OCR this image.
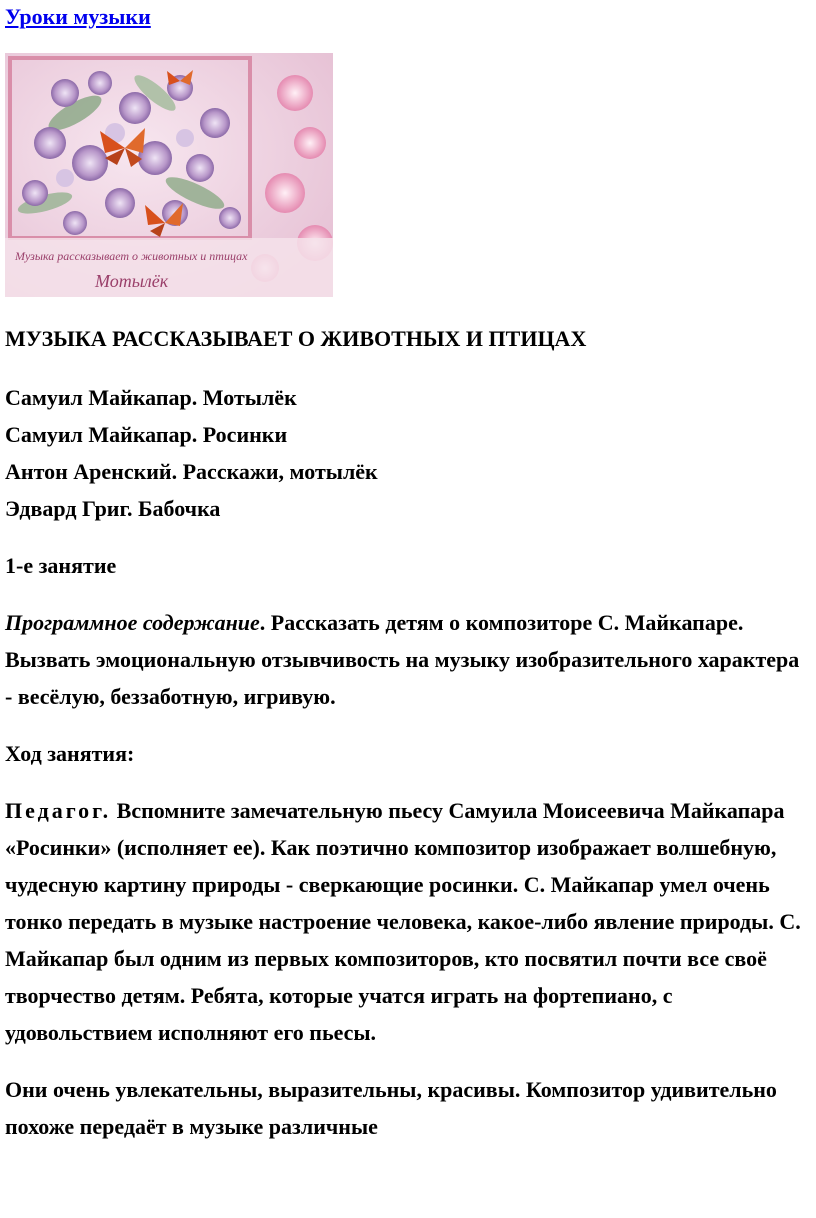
Уроки музыки
Музыка рассказывает о животных и птицах
Мотылёк
МУЗЫКА РАССКАЗЫВАЕТ О ЖИВОТНЫХ И ПТИЦАХ
Самуил Майкапар. Мотылёк
Самуил Майкапар. Росинки
Антон Аренский. Расскажи, мотылёк
Эдвард Григ. Бабочка
1-е занятие
Программное содержание. Рассказать детям о композиторе С. Майкапаре. Вызвать эмоциональную отзывчивость на музыку изобразительного характера - весёлую, беззаботную, игривую.
Ход занятия:
Педагог. Вспомните замечательную пьесу Самуила Моисеевича Майкапара «Росинки» (исполняет ее). Как поэтично композитор изображает волшебную, чудесную картину природы - сверкающие росинки. С. Майкапар умел очень тонко передать в музыке настроение человека, какое-либо явление природы. С. Майкапар был одним из первых композиторов, кто посвятил почти все своё творчество детям. Ребята, которые учатся играть на фортепиано, с удовольствием исполняют его пьесы.
Они очень увлекательны, выразительны, красивы. Композитор удивительно похоже передаёт в музыке различные
